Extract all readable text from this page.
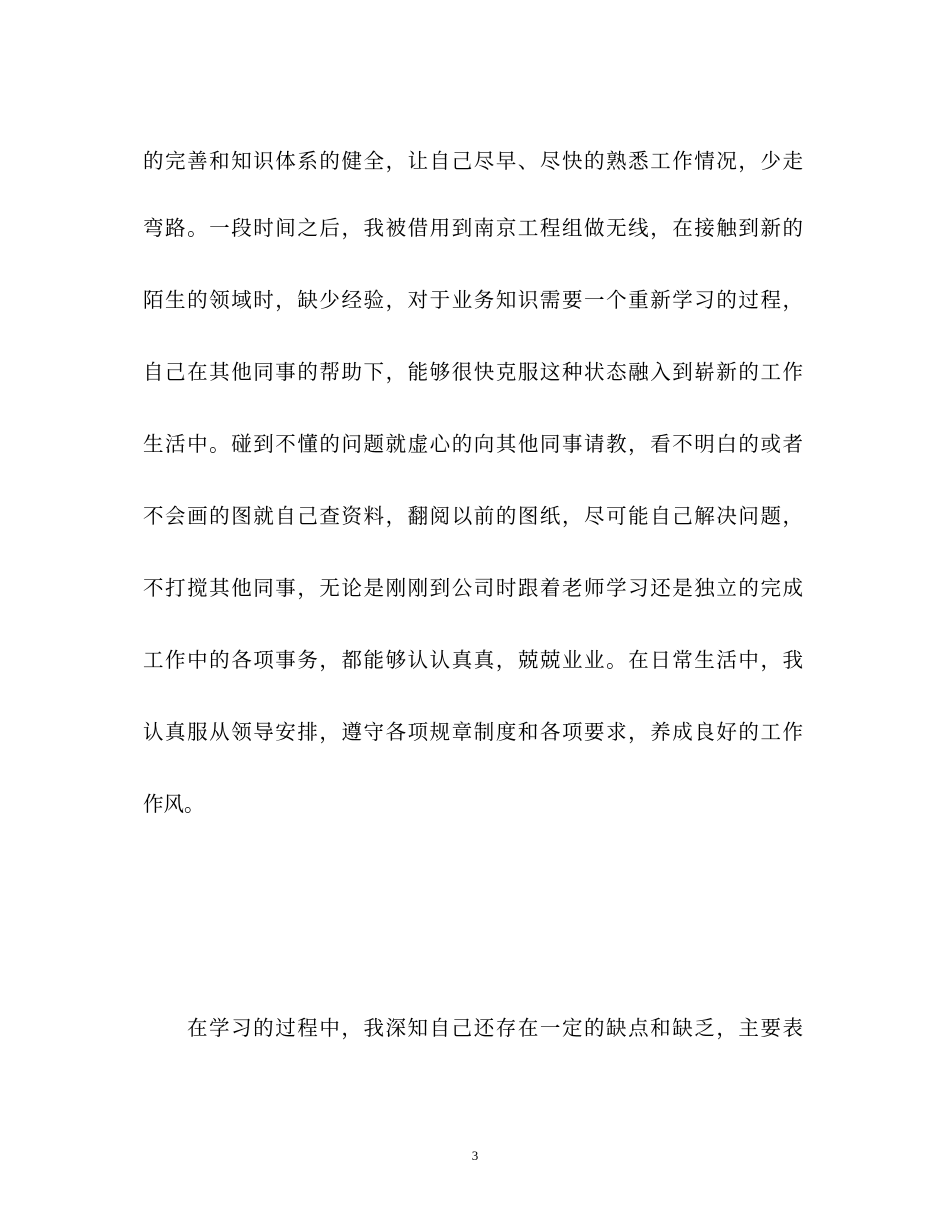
的完善和知识体系的健全，让自己尽早、尽快的熟悉工作情况，少走
弯路。一段时间之后，我被借用到南京工程组做无线，在接触到新的
陌生的领域时，缺少经验，对于业务知识需要一个重新学习的过程，
自己在其他同事的帮助下，能够很快克服这种状态融入到崭新的工作
生活中。碰到不懂的问题就虚心的向其他同事请教，看不明白的或者
不会画的图就自己查资料，翻阅以前的图纸，尽可能自己解决问题，
不打搅其他同事，无论是刚刚到公司时跟着老师学习还是独立的完成
工作中的各项事务，都能够认认真真，兢兢业业。在日常生活中，我
认真服从领导安排，遵守各项规章制度和各项要求，养成良好的工作
作风。
在学习的过程中，我深知自己还存在一定的缺点和缺乏，主要表
3
